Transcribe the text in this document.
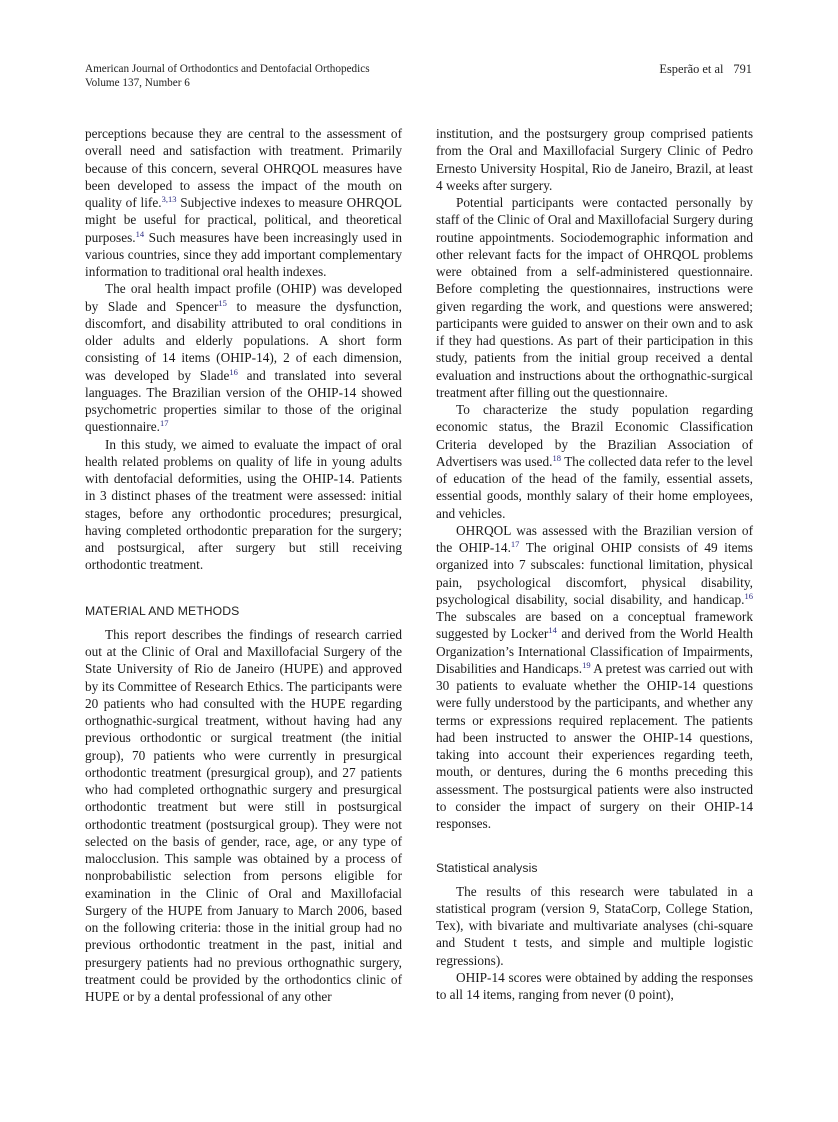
American Journal of Orthodontics and Dentofacial Orthopedics
Volume 137, Number 6
Esperão et al 791

perceptions because they are central to the assessment of overall need and satisfaction with treatment. Primarily because of this concern, several OHRQOL measures have been developed to assess the impact of the mouth on quality of life.$^{3,13}$ Subjective indexes to measure OHRQOL might be useful for practical, political, and theoretical purposes.$^{14}$ Such measures have been increasingly used in various countries, since they add important complementary information to traditional oral health indexes.

The oral health impact profile (OHIP) was developed by Slade and Spencer$^{15}$ to measure the dysfunction, discomfort, and disability attributed to oral conditions in older adults and elderly populations. A short form consisting of 14 items (OHIP-14), 2 of each dimension, was developed by Slade$^{16}$ and translated into several languages. The Brazilian version of the OHIP-14 showed psychometric properties similar to those of the original questionnaire.$^{17}$

In this study, we aimed to evaluate the impact of oral health related problems on quality of life in young adults with dentofacial deformities, using the OHIP-14. Patients in 3 distinct phases of the treatment were assessed: initial stages, before any orthodontic procedures; presurgical, having completed orthodontic preparation for the surgery; and postsurgical, after surgery but still receiving orthodontic treatment.

MATERIAL AND METHODS

This report describes the findings of research carried out at the Clinic of Oral and Maxillofacial Surgery of the State University of Rio de Janeiro (HUPE) and approved by its Committee of Research Ethics. The participants were 20 patients who had consulted with the HUPE regarding orthognathic-surgical treatment, without having had any previous orthodontic or surgical treatment (the initial group), 70 patients who were currently in presurgical orthodontic treatment (presurgical group), and 27 patients who had completed orthognathic surgery and presurgical orthodontic treatment but were still in postsurgical orthodontic treatment (postsurgical group). They were not selected on the basis of gender, race, age, or any type of malocclusion. This sample was obtained by a process of nonprobabilistic selection from persons eligible for examination in the Clinic of Oral and Maxillofacial Surgery of the HUPE from January to March 2006, based on the following criteria: those in the initial group had no previous orthodontic treatment in the past, initial and presurgery patients had no previous orthognathic surgery, treatment could be provided by the orthodontics clinic of HUPE or by a dental professional of any other

institution, and the postsurgery group comprised patients from the Oral and Maxillofacial Surgery Clinic of Pedro Ernesto University Hospital, Rio de Janeiro, Brazil, at least 4 weeks after surgery.

Potential participants were contacted personally by staff of the Clinic of Oral and Maxillofacial Surgery during routine appointments. Sociodemographic information and other relevant facts for the impact of OHRQOL problems were obtained from a self-administered questionnaire. Before completing the questionnaires, instructions were given regarding the work, and questions were answered; participants were guided to answer on their own and to ask if they had questions. As part of their participation in this study, patients from the initial group received a dental evaluation and instructions about the orthognathic-surgical treatment after filling out the questionnaire.

To characterize the study population regarding economic status, the Brazil Economic Classification Criteria developed by the Brazilian Association of Advertisers was used.$^{18}$ The collected data refer to the level of education of the head of the family, essential assets, essential goods, monthly salary of their home employees, and vehicles.

OHRQOL was assessed with the Brazilian version of the OHIP-14.17 The original OHIP consists of 49 items organized into 7 subscales: functional limitation, physical pain, psychological discomfort, physical disability, psychological disability, social disability, and handicap.$^{16}$ The subscales are based on a conceptual framework suggested by Locker$^{14}$ and derived from the World Health Organization’s International Classification of Impairments, Disabilities and Handicaps.$^{19}$ A pretest was carried out with 30 patients to evaluate whether the OHIP-14 questions were fully understood by the participants, and whether any terms or expressions required replacement. The patients had been instructed to answer the OHIP-14 questions, taking into account their experiences regarding teeth, mouth, or dentures, during the 6 months preceding this assessment. The postsurgical patients were also instructed to consider the impact of surgery on their OHIP-14 responses.

Statistical analysis

The results of this research were tabulated in a statistical program (version 9, StataCorp, College Station, Tex), with bivariate and multivariate analyses (chi-square and Student t tests, and simple and multiple logistic regressions).

OHIP-14 scores were obtained by adding the responses to all 14 items, ranging from never (0 point),
